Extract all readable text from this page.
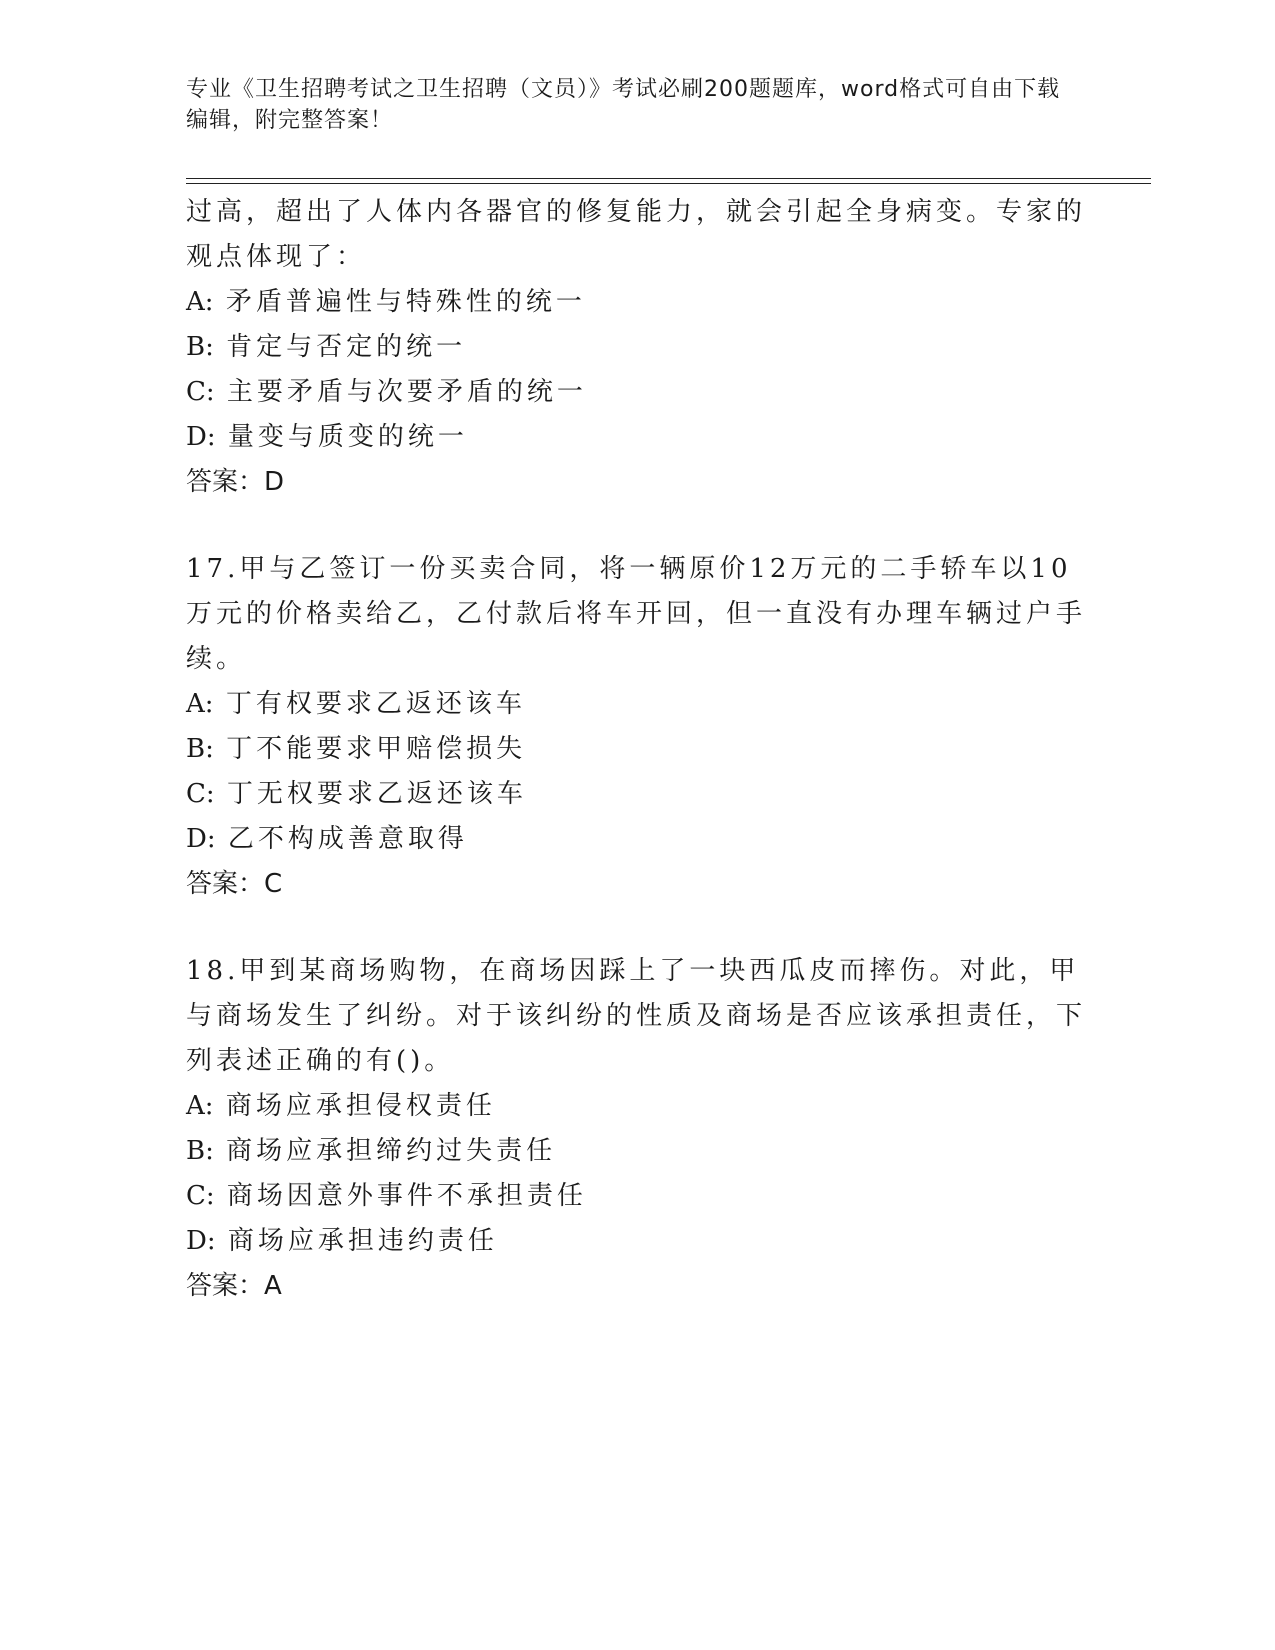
专业《卫生招聘考试之卫生招聘（文员）》考试必刷200题题库，word格式可自由下载编辑，附完整答案！

过高，超出了人体内各器官的修复能力，就会引起全身病变。专家的观点体现了：

A: 矛盾普遍性与特殊性的统一

B: 肯定与否定的统一

C: 主要矛盾与次要矛盾的统一

D: 量变与质变的统一

答案：D

17.甲与乙签订一份买卖合同，将一辆原价12万元的二手轿车以10万元的价格卖给乙，乙付款后将车开回，但一直没有办理车辆过户手续。

A: 丁有权要求乙返还该车

B: 丁不能要求甲赔偿损失

C: 丁无权要求乙返还该车

D: 乙不构成善意取得

答案：C

18.甲到某商场购物，在商场因踩上了一块西瓜皮而摔伤。对此，甲与商场发生了纠纷。对于该纠纷的性质及商场是否应该承担责任，下列表述正确的有()。

A: 商场应承担侵权责任

B: 商场应承担缔约过失责任

C: 商场因意外事件不承担责任

D: 商场应承担违约责任

答案：A
